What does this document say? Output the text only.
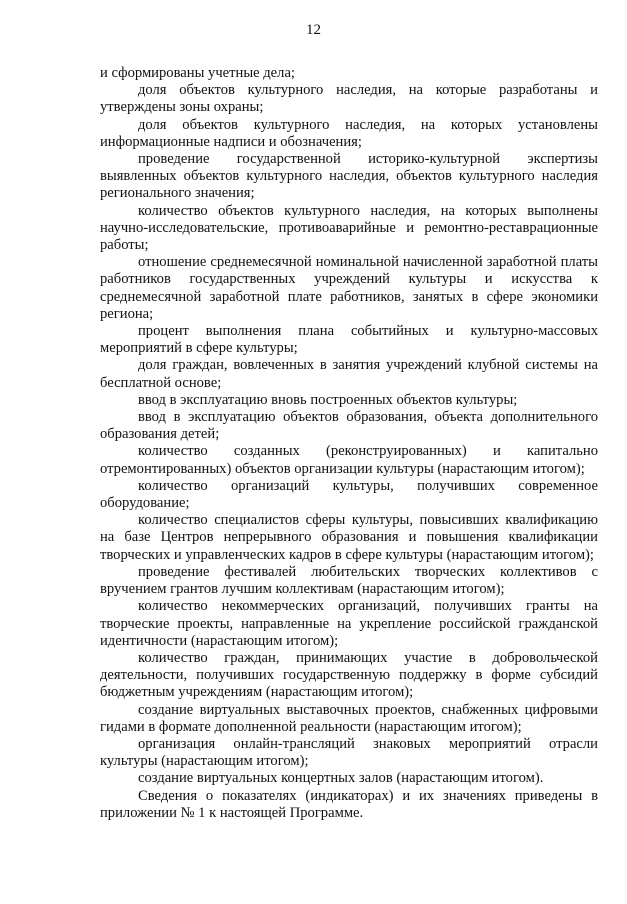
12

и сформированы учетные дела;

доля объектов культурного наследия, на которые разработаны и утверждены зоны охраны;

доля объектов культурного наследия, на которых установлены информационные надписи и обозначения;

проведение государственной историко-культурной экспертизы выявленных объектов культурного наследия, объектов культурного наследия регионального значения;

количество объектов культурного наследия, на которых выполнены научно-исследовательские, противоаварийные и ремонтно-реставрационные работы;

отношение среднемесячной номинальной начисленной заработной платы работников государственных учреждений культуры и искусства к среднемесячной заработной плате работников, занятых в сфере экономики региона;

процент выполнения плана событийных и культурно-массовых мероприятий в сфере культуры;

доля граждан, вовлеченных в занятия учреждений клубной системы на бесплатной основе;

ввод в эксплуатацию вновь построенных объектов культуры;

ввод в эксплуатацию объектов образования, объекта дополнительного образования детей;

количество созданных (реконструированных) и капитально отремонтированных) объектов организации культуры (нарастающим итогом);

количество организаций культуры, получивших современное оборудование;

количество специалистов сферы культуры, повысивших квалификацию на базе Центров непрерывного образования и повышения квалификации творческих и управленческих кадров в сфере культуры (нарастающим итогом);

проведение фестивалей любительских творческих коллективов с вручением грантов лучшим коллективам (нарастающим итогом);

количество некоммерческих организаций, получивших гранты на творческие проекты, направленные на укрепление российской гражданской идентичности (нарастающим итогом);

количество граждан, принимающих участие в добровольческой деятельности, получивших государственную поддержку в форме субсидий бюджетным учреждениям (нарастающим итогом);

создание виртуальных выставочных проектов, снабженных цифровыми гидами в формате дополненной реальности (нарастающим итогом);

организация онлайн-трансляций знаковых мероприятий отрасли культуры (нарастающим итогом);

создание виртуальных концертных залов (нарастающим итогом).

Сведения о показателях (индикаторах) и их значениях приведены в приложении № 1 к настоящей Программе.
